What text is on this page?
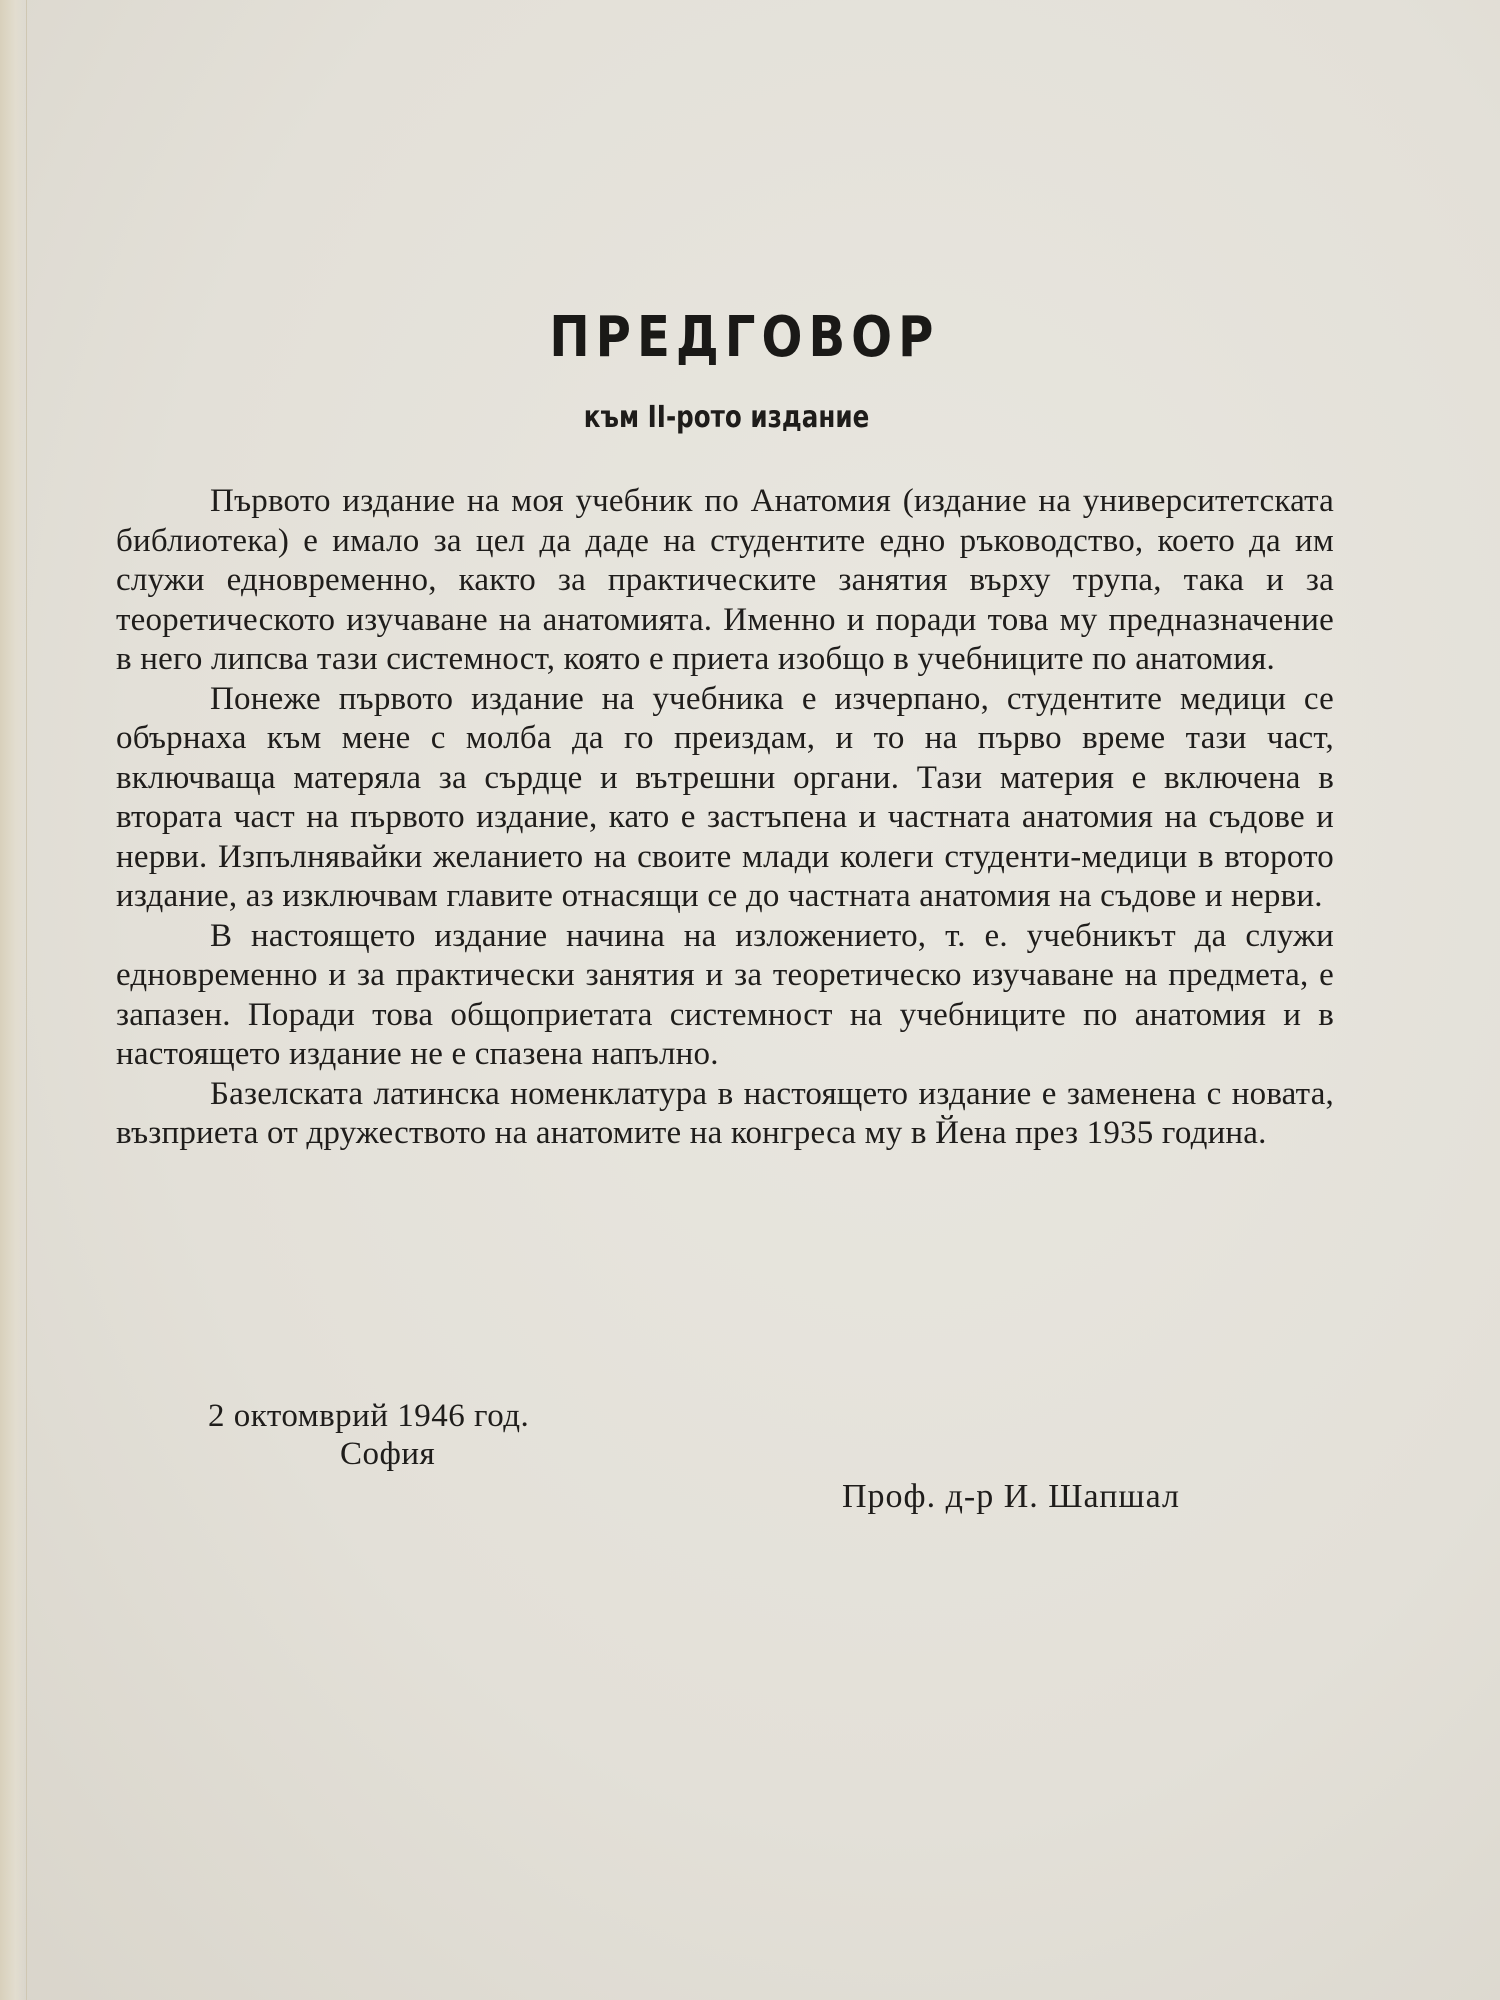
ПРЕДГОВОР
към II-рото издание

Първото издание на моя учебник по Анатомия (издание на университетската библиотека) е имало за цел да даде на студентите едно ръководство, което да им служи едновременно, както за практическите занятия върху трупа, така и за теоретическото изучаване на анатомията. Именно и поради това му предназначение в него липсва тази системност, която е приета изобщо в учебниците по анатомия.

Понеже първото издание на учебника е изчерпано, студентите медици се обърнаха към мене с молба да го преиздам, и то на първо време тази част, включваща матеряла за сърдце и вътрешни органи. Тази материя е включена в втората част на първото издание, като е застъпена и частната анатомия на съдове и нерви. Изпълнявайки желанието на своите млади колеги студенти-медици в второто издание, аз изключвам главите отнасящи се до частната анатомия на съдове и нерви.

В настоящето издание начина на изложението, т. е. учебникът да служи едновременно и за практически занятия и за теоретическо изучаване на предмета, е запазен. Поради това общоприетата системност на учебниците по анатомия и в настоящето издание не е спазена напълно.

Базелската латинска номенклатура в настоящето издание е заменена с новата, възприета от дружеството на анатомите на конгреса му в Йена през 1935 година.

2 октомврий 1946 год.
София
Проф. д-р И. Шапшал
